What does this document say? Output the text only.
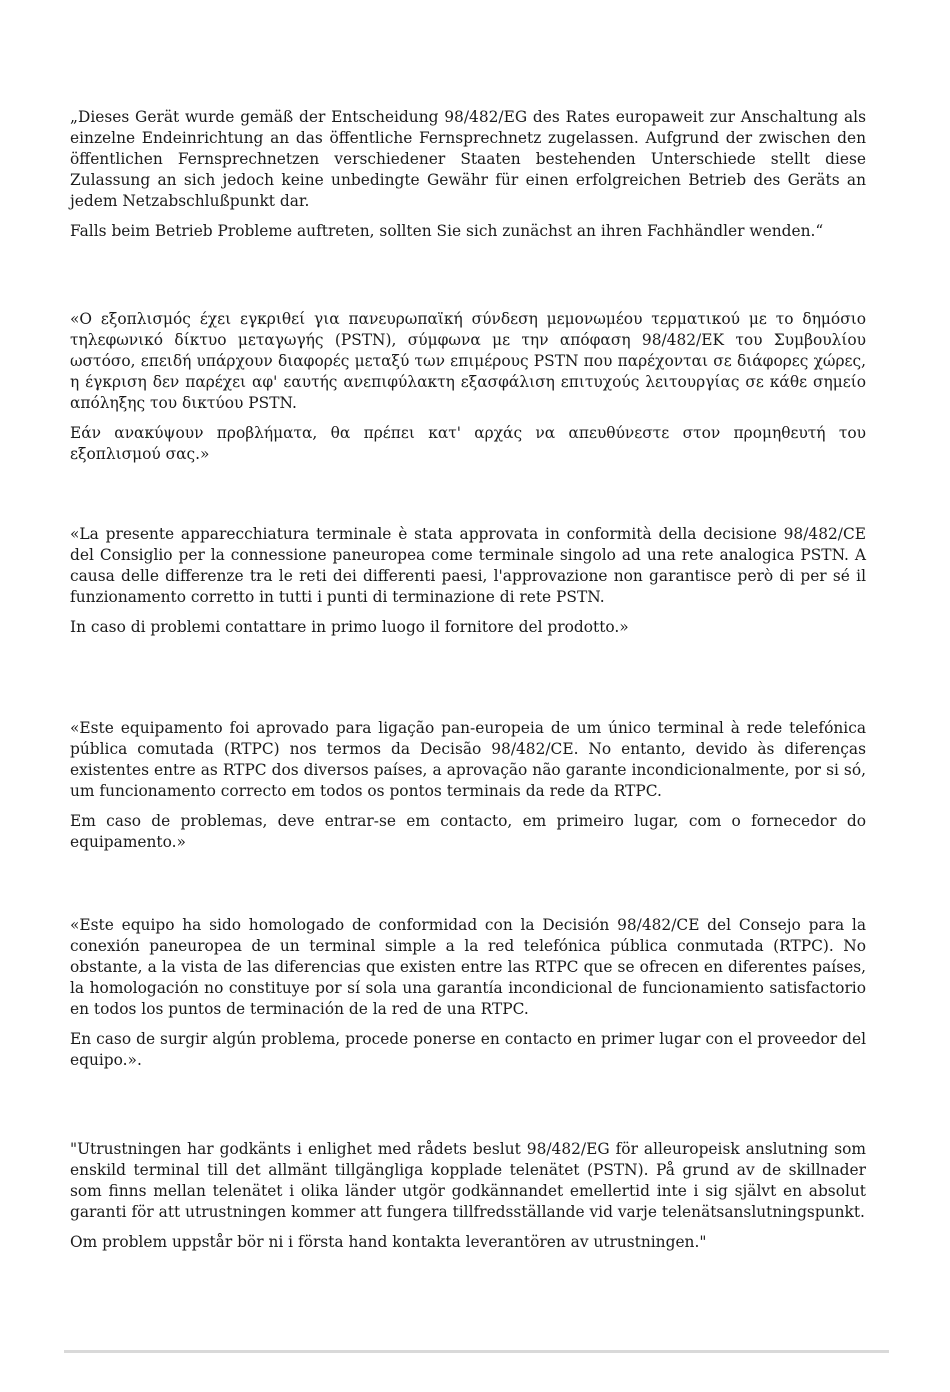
„Dieses Gerät wurde gemäß der Entscheidung 98/482/EG des Rates europaweit zur Anschaltung als einzelne Endeinrichtung an das öffentliche Fernsprechnetz zugelassen. Aufgrund der zwischen den öffentlichen Fernsprechnetzen verschiedener Staaten bestehenden Unterschiede stellt diese Zulassung an sich jedoch keine unbedingte Gewähr für einen erfolgreichen Betrieb des Geräts an jedem Netzabschlußpunkt dar.

Falls beim Betrieb Probleme auftreten, sollten Sie sich zunächst an ihren Fachhändler wenden.“

«Ο εξοπλισμός έχει εγκριθεί για πανευρωπαϊκή σύνδεση μεμονωμέου τερματικού με το δημόσιο τηλεφωνικό δίκτυο μεταγωγής (PSTN), σύμφωνα με την απόφαση 98/482/ΕΚ του Συμβουλίου ωστόσο, επειδή υπάρχουν διαφορές μεταξύ των επιμέρους PSTN που παρέχονται σε διάφορες χώρες, η έγκριση δεν παρέχει αφ' εαυτής ανεπιφύλακτη εξασφάλιση επιτυχούς λειτουργίας σε κάθε σημείο απόληξης του δικτύου PSTN.

Εάν ανακύψουν προβλήματα, θα πρέπει κατ' αρχάς να απευθύνεστε στον προμηθευτή του εξοπλισμού σας.»

«La presente apparecchiatura terminale è stata approvata in conformità della decisione 98/482/CE del Consiglio per la connessione paneuropea come terminale singolo ad una rete analogica PSTN. A causa delle differenze tra le reti dei differenti paesi, l'approvazione non garantisce però di per sé il funzionamento corretto in tutti i punti di terminazione di rete PSTN.

In caso di problemi contattare in primo luogo il fornitore del prodotto.»

«Este equipamento foi aprovado para ligação pan-europeia de um único terminal à rede telefónica pública comutada (RTPC) nos termos da Decisão 98/482/CE. No entanto, devido às diferenças existentes entre as RTPC dos diversos países, a aprovação não garante incondicionalmente, por si só, um funcionamento correcto em todos os pontos terminais da rede da RTPC.

Em caso de problemas, deve entrar-se em contacto, em primeiro lugar, com o fornecedor do equipamento.»

«Este equipo ha sido homologado de conformidad con la Decisión 98/482/CE del Consejo para la conexión paneuropea de un terminal simple a la red telefónica pública conmutada (RTPC). No obstante, a la vista de las diferencias que existen entre las RTPC que se ofrecen en diferentes países, la homologación no constituye por sí sola una garantía incondicional de funcionamiento satisfactorio en todos los puntos de terminación de la red de una RTPC.

En caso de surgir algún problema, procede ponerse en contacto en primer lugar con el proveedor del equipo.».

"Utrustningen har godkänts i enlighet med rådets beslut 98/482/EG för alleuropeisk anslutning som enskild terminal till det allmänt tillgängliga kopplade telenätet (PSTN). På grund av de skillnader som finns mellan telenätet i olika länder utgör godkännandet emellertid inte i sig självt en absolut garanti för att utrustningen kommer att fungera tillfredsställande vid varje telenätsanslutningspunkt.

Om problem uppstår bör ni i första hand kontakta leverantören av utrustningen."
